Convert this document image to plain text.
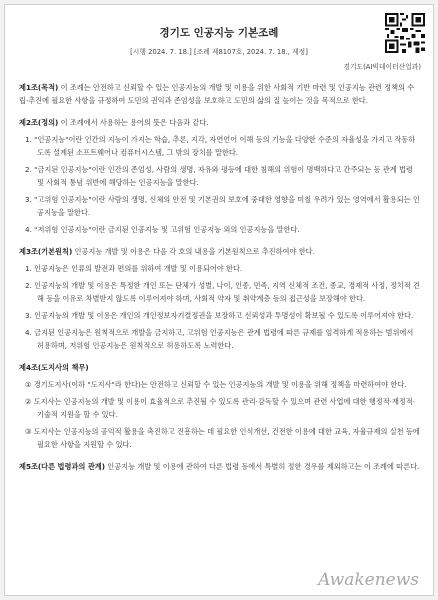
경기도 인공지능 기본조례
[시행 2024. 7. 18.] [조례 제8107호, 2024. 7. 18., 제정]
경기도(AI빅데이터산업과)
제1조(목적) 이 조례는 안전하고 신뢰할 수 있는 인공지능의 개발 및 이용을 위한 사회적 기반 마련 및 인공지능 관련 정책의 수립·추진에 필요한 사항을 규정하여 도민의 권익과 존엄성을 보호하고 도민의 삶의 질 높이는 것을 목적으로 한다.
제2조(정의) 이 조례에서 사용하는 용어의 뜻은 다음과 같다.
1. "인공지능"이란 인간의 지능이 가지는 학습, 추론, 지각, 자연언어 이해 등의 기능을 다양한 수준의 자율성을 가지고 작동하도록 설계된 소프트웨어나 컴퓨터시스템, 그 밖의 장치를 말한다.
2. "금지된 인공지능"이란 인간의 존엄성, 사람의 생명, 자유와 평등에 대한 침해의 위험이 명백하다고 간주되는 등 관계 법령 및 사회적 통념 위반에 해당하는 인공지능을 말한다.
3. "고위험 인공지능"이란 사람의 생명, 신체의 안전 및 기본권의 보호에 중대한 영향을 미칠 우려가 있는 영역에서 활용되는 인공지능을 말한다.
4. "저위험 인공지능"이란 금지된 인공지능 및 고위험 인공지능 외의 인공지능을 말한다.
제3조(기본원칙) 인공지능 개발 및 이용은 다음 각 호의 내용을 기본원칙으로 추진하여야 한다.
1. 인공지능은 인류의 발전과 편의를 위하여 개발 및 이용되어야 한다.
2. 인공지능의 개발 및 이용은 특정한 개인 또는 단체가 성별, 나이, 인종, 민족, 지역 신체적 조건, 종교, 경제적 사정, 정치적 견해 등을 이유로 차별받지 않도록 이루어져야 하며, 사회적 약자 및 취약계층 등의 접근성을 보장해야 한다.
3. 인공지능의 개발 및 이용은 개인의 개인정보자기결정권을 보장하고 신뢰성과 투명성이 확보될 수 있도록 이루어져야 한다.
4. 금지된 인공지능은 원칙적으로 개발을 금지하고, 고위험 인공지능은 관계 법령에 따른 규제를 엄격하게 적용하는 범위에서 허용하며, 저위험 인공지능은 원칙적으로 허용하도록 노력한다.
제4조(도지사의 책무)
① 경기도지사(이하 "도지사"라 한다)는 안전하고 신뢰할 수 있는 인공지능의 개발 및 이용을 위해 정책을 마련하여야 한다.
② 도지사는 인공지능의 개발 및 이용이 효율적으로 추진될 수 있도록 관리·감독할 수 있으며 관련 사업에 대한 행정적·재정적·기술적 지원을 할 수 있다.
③ 도지사는 인공지능의 공익적 활용을 촉진하고 진흥하는 데 필요한 인식개선, 건전한 이용에 대한 교육, 자율규제의 실천 등에 필요한 사항을 지원할 수 있다.
제5조(다른 법령과의 관계) 인공지능 개발 및 이용에 관하여 다른 법령 등에서 특별히 정한 경우를 제외하고는 이 조례에 따른다.
Awakenews
